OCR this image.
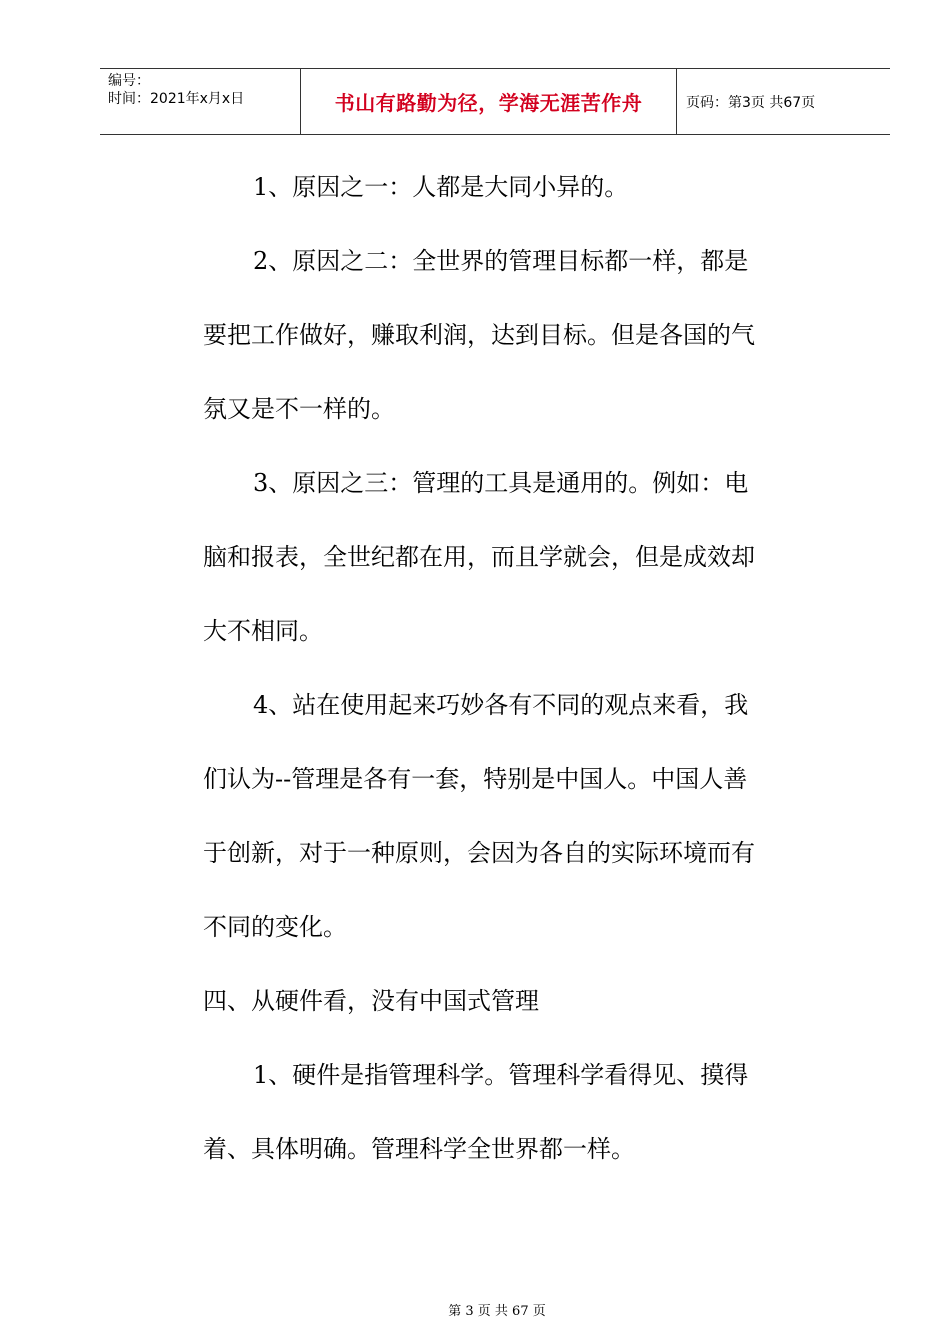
编号：
时间：2021年x月x日	书山有路勤为径，学海无涯苦作舟	页码：第3页 共67页
1、原因之一：人都是大同小异的。
2、原因之二：全世界的管理目标都一样，都是
要把工作做好，赚取利润，达到目标。但是各国的气
氛又是不一样的。
3、原因之三：管理的工具是通用的。例如：电
脑和报表，全世纪都在用，而且学就会，但是成效却
大不相同。
4、站在使用起来巧妙各有不同的观点来看，我
们认为--管理是各有一套，特别是中国人。中国人善
于创新，对于一种原则，会因为各自的实际环境而有
不同的变化。
四、从硬件看，没有中国式管理
1、硬件是指管理科学。管理科学看得见、摸得
着、具体明确。管理科学全世界都一样。
第 3 页 共 67 页
